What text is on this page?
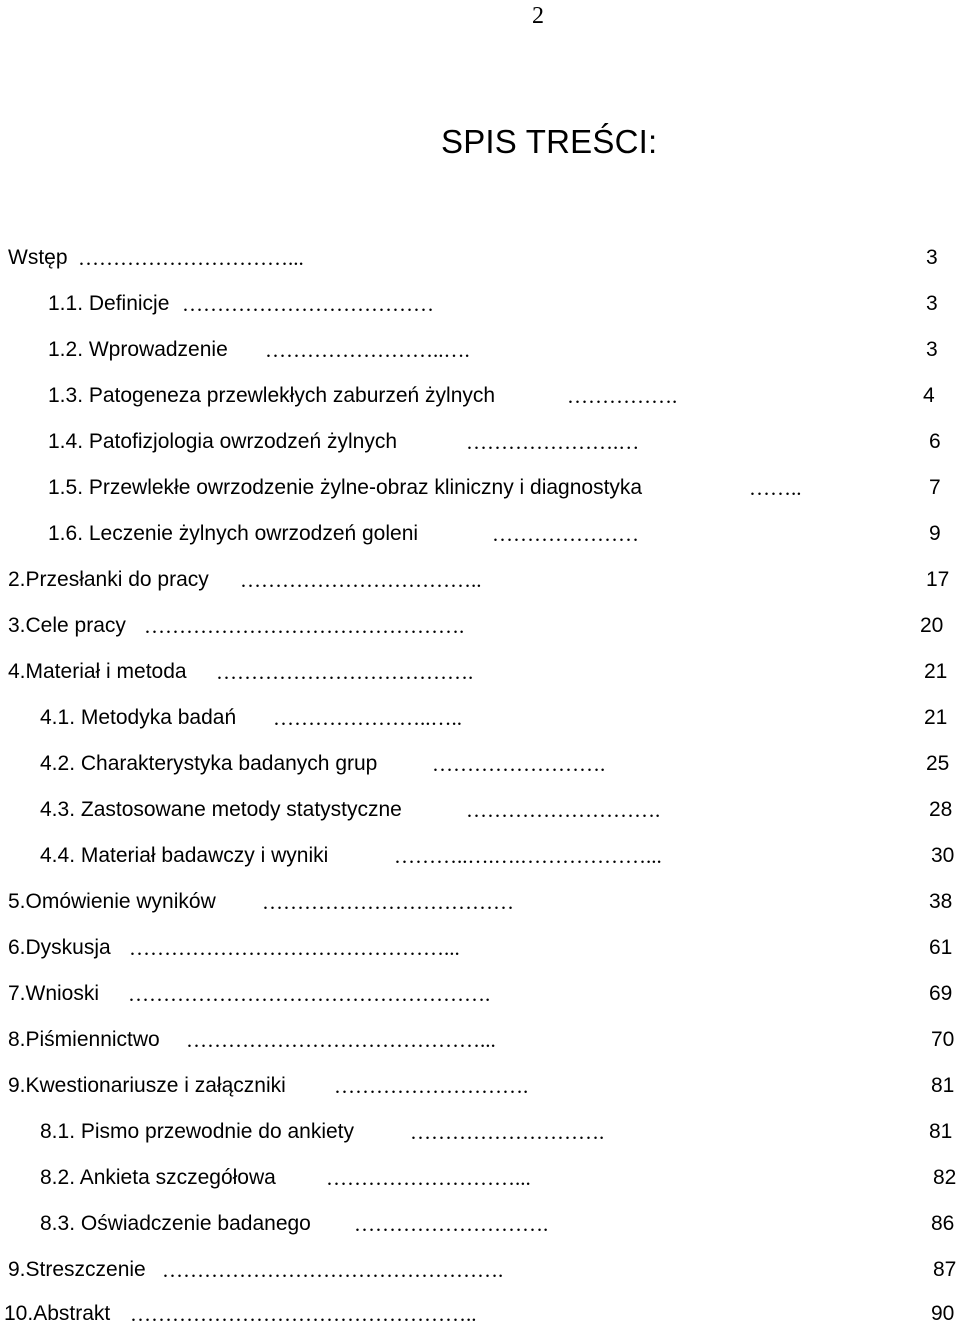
2
SPIS TREŚCI:
Wstęp …………………………...	3
1.1. Definicje ………………………………	3
1.2. Wprowadzenie ……………………..….	3
1.3. Patogeneza przewlekłych zaburzeń żylnych	…………….	4
1.4. Patofizjologia owrzodzeń żylnych	………………….…	6
1.5. Przewlekłe owrzodzenie żylne-obraz kliniczny i diagnostyka	……..	7
1.6. Leczenie żylnych owrzodzeń goleni	…………………	9
2.Przesłanki do pracy ……………………………..	17
3.Cele pracy ……………………………………….	20
4.Materiał i metoda ……………………………….	21
4.1. Metodyka badań …………………..…..	21
4.2. Charakterystyka badanych grup	…………………….	25
4.3. Zastosowane metody statystyczne	……………………….	28
4.4. Materiał badawczy i wyniki	………..….….………………...	30
5.Omówienie wyników ………………………………	38
6.Dyskusja ………………………………………...	61
7.Wnioski …………………………………………….	69
8.Piśmiennictwo ……………………………………...	70
9.Kwestionariusze i załączniki ……………………….	81
8.1. Pismo przewodnie do ankiety	……………………….	81
8.2. Ankieta szczegółowa ………………………...	82
8.3. Oświadczenie badanego ……………………….	86
9.Streszczenie ………………………………………….	87
10.Abstrakt …………………………………………..	90
